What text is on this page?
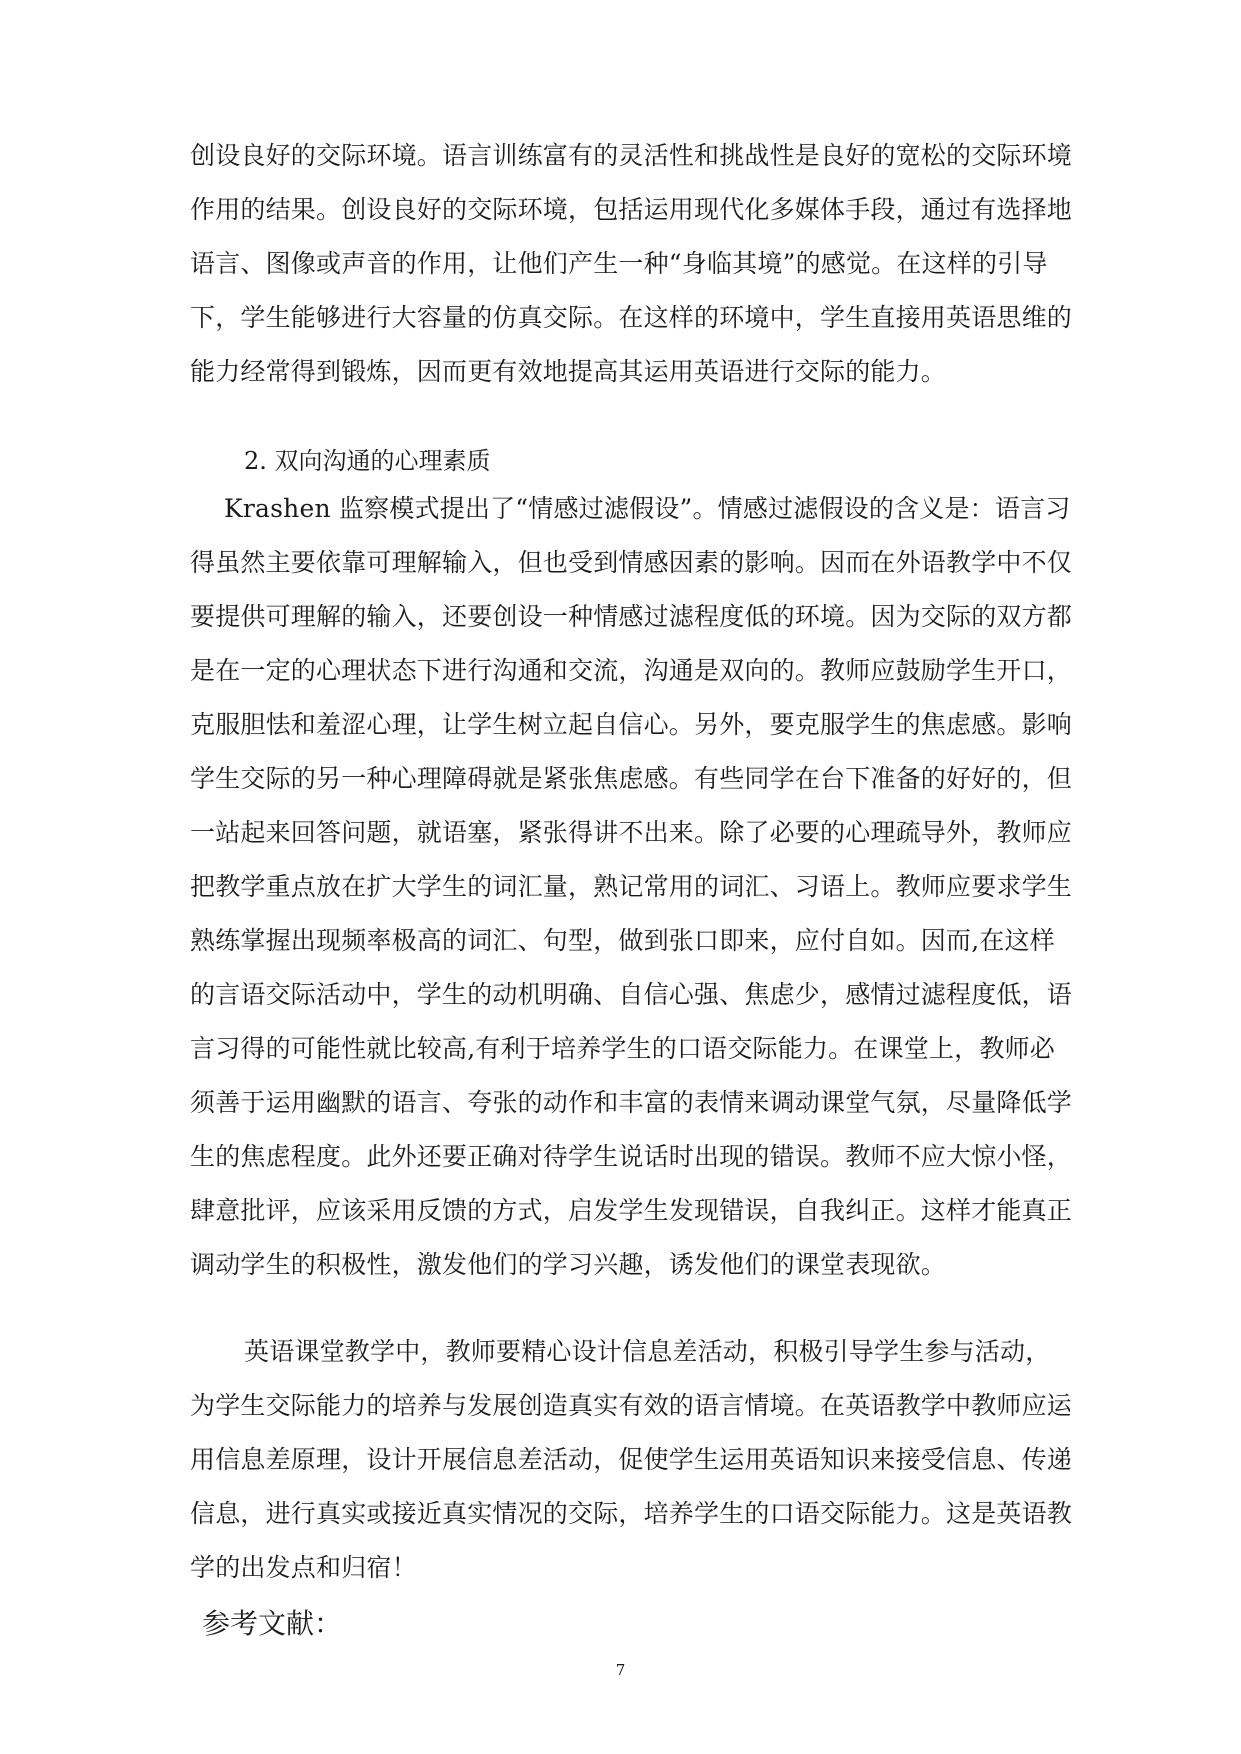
创设良好的交际环境。语言训练富有的灵活性和挑战性是良好的宽松的交际环境
作用的结果。创设良好的交际环境，包括运用现代化多媒体手段，通过有选择地
语言、图像或声音的作用，让他们产生一种“身临其境”的感觉。在这样的引导
下，学生能够进行大容量的仿真交际。在这样的环境中，学生直接用英语思维的
能力经常得到锻炼，因而更有效地提高其运用英语进行交际的能力。
2. 双向沟通的心理素质
Krashen 监察模式提出了“情感过滤假设”。情感过滤假设的含义是：语言习
得虽然主要依靠可理解输入，但也受到情感因素的影响。因而在外语教学中不仅
要提供可理解的输入，还要创设一种情感过滤程度低的环境。因为交际的双方都
是在一定的心理状态下进行沟通和交流，沟通是双向的。教师应鼓励学生开口，
克服胆怯和羞涩心理，让学生树立起自信心。另外，要克服学生的焦虑感。影响
学生交际的另一种心理障碍就是紧张焦虑感。有些同学在台下准备的好好的，但
一站起来回答问题，就语塞，紧张得讲不出来。除了必要的心理疏导外，教师应
把教学重点放在扩大学生的词汇量，熟记常用的词汇、习语上。教师应要求学生
熟练掌握出现频率极高的词汇、句型，做到张口即来，应付自如。因而,在这样
的言语交际活动中，学生的动机明确、自信心强、焦虑少，感情过滤程度低，语
言习得的可能性就比较高,有利于培养学生的口语交际能力。在课堂上，教师必
须善于运用幽默的语言、夸张的动作和丰富的表情来调动课堂气氛，尽量降低学
生的焦虑程度。此外还要正确对待学生说话时出现的错误。教师不应大惊小怪，
肆意批评，应该采用反馈的方式，启发学生发现错误，自我纠正。这样才能真正
调动学生的积极性，激发他们的学习兴趣，诱发他们的课堂表现欲。
英语课堂教学中，教师要精心设计信息差活动，积极引导学生参与活动，
为学生交际能力的培养与发展创造真实有效的语言情境。在英语教学中教师应运
用信息差原理，设计开展信息差活动，促使学生运用英语知识来接受信息、传递
信息，进行真实或接近真实情况的交际，培养学生的口语交际能力。这是英语教
学的出发点和归宿！
7
参考文献：
